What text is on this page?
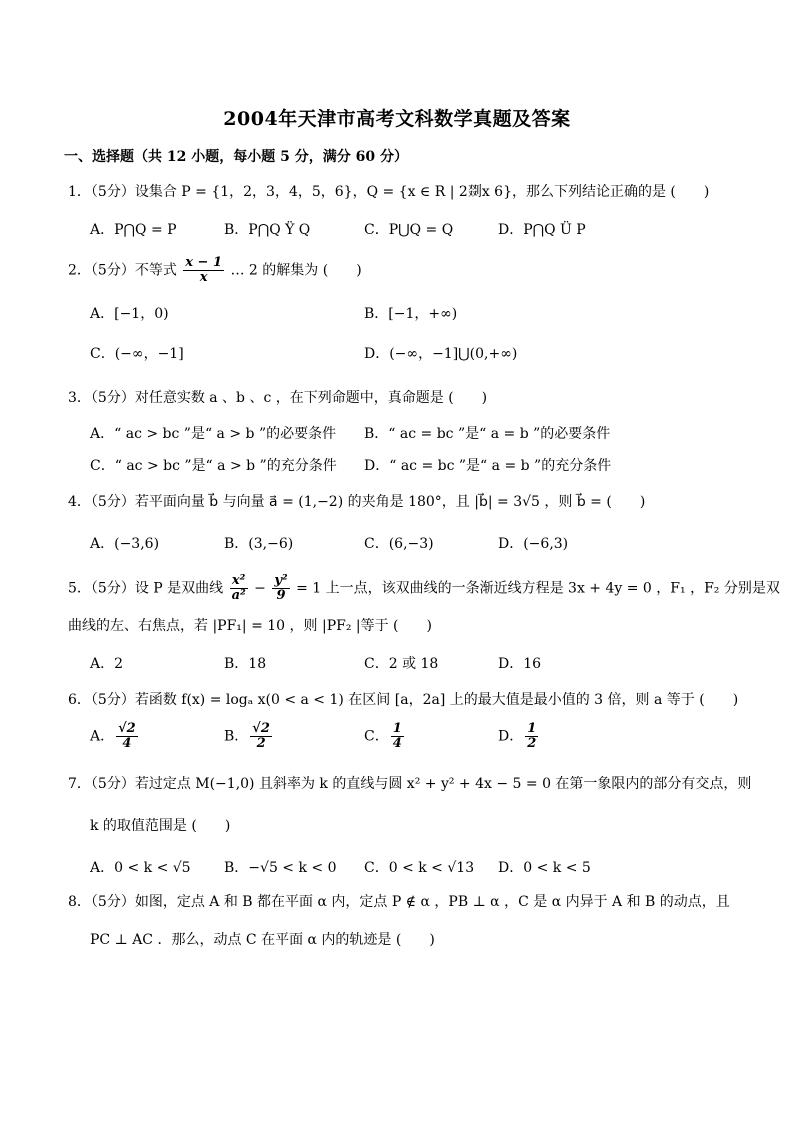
2004年天津市高考文科数学真题及答案
一、选择题（共 12 小题，每小题 5 分，满分 60 分）
1．（5分）设集合 P = {1，2，3，4，5，6}，Q = {x ∈ R | 2剟x 6}，那么下列结论正确的是 (　　)
A．P⋂Q = P	B．P⋂Q Ÿ Q	C．P⋃Q = Q	D．P⋂Q Ü P
2．（5分）不等式 $\frac{x - 1}{x}$ … 2 的解集为 (　　)
A．[−1，0)	B．[−1，+∞)
C．(−∞，−1]	D．(−∞，−1]⋃(0,+∞)
3．（5分）对任意实数 a 、b 、c ，在下列命题中，真命题是 (　　)
A．“ ac > bc ”是“ a > b ”的必要条件 B．“ ac = bc ”是“ a = b ”的必要条件
C．“ ac > bc ”是“ a > b ”的充分条件 D．“ ac = bc ”是“ a = b ”的充分条件
4．（5分）若平面向量 b⃗ 与向量 a⃗ = (1,−2) 的夹角是 180°，且 |b⃗| = 3√5 ，则 b⃗ = (　　)
A．(−3,6)	B．(3,−6)	C．(6,−3)	D．(−6,3)
5．（5分）设 P 是双曲线 $\frac{\text{x²}}{\text{a²}} - \frac{\text{y²}}{9} = 1$ 上一点，该双曲线的一条渐近线方程是 3x + 4y = 0 ，F₁ ，F₂ 分别是双
曲线的左、右焦点，若 |PF₁| = 10 ，则 |PF₂ |等于 (　　)
A．2	B．18	C．2 或 18	D．16
6．（5分）若函数 f(x) = logₐ x(0 < a < 1) 在区间 [a，2a] 上的最大值是最小值的 3 倍，则 a 等于 (　　)
A． $\frac{√2}{4}$	B． $\frac{√2}{2}$	C． $\frac{1}{4}$	D． $\frac{1}{2}$
7．（5分）若过定点 M(−1,0) 且斜率为 k 的直线与圆 x² + y² + 4x − 5 = 0 在第一象限内的部分有交点，则
k 的取值范围是 (　　)
A．0 < k < √5 B．−√5 < k < 0 C．0 < k < √13 D．0 < k < 5
8．（5分）如图，定点 A 和 B 都在平面 α 内，定点 P ∉ α ，PB ⊥ α ，C 是 α 内异于 A 和 B 的动点，且
PC ⊥ AC ．那么，动点 C 在平面 α 内的轨迹是 (　　)
